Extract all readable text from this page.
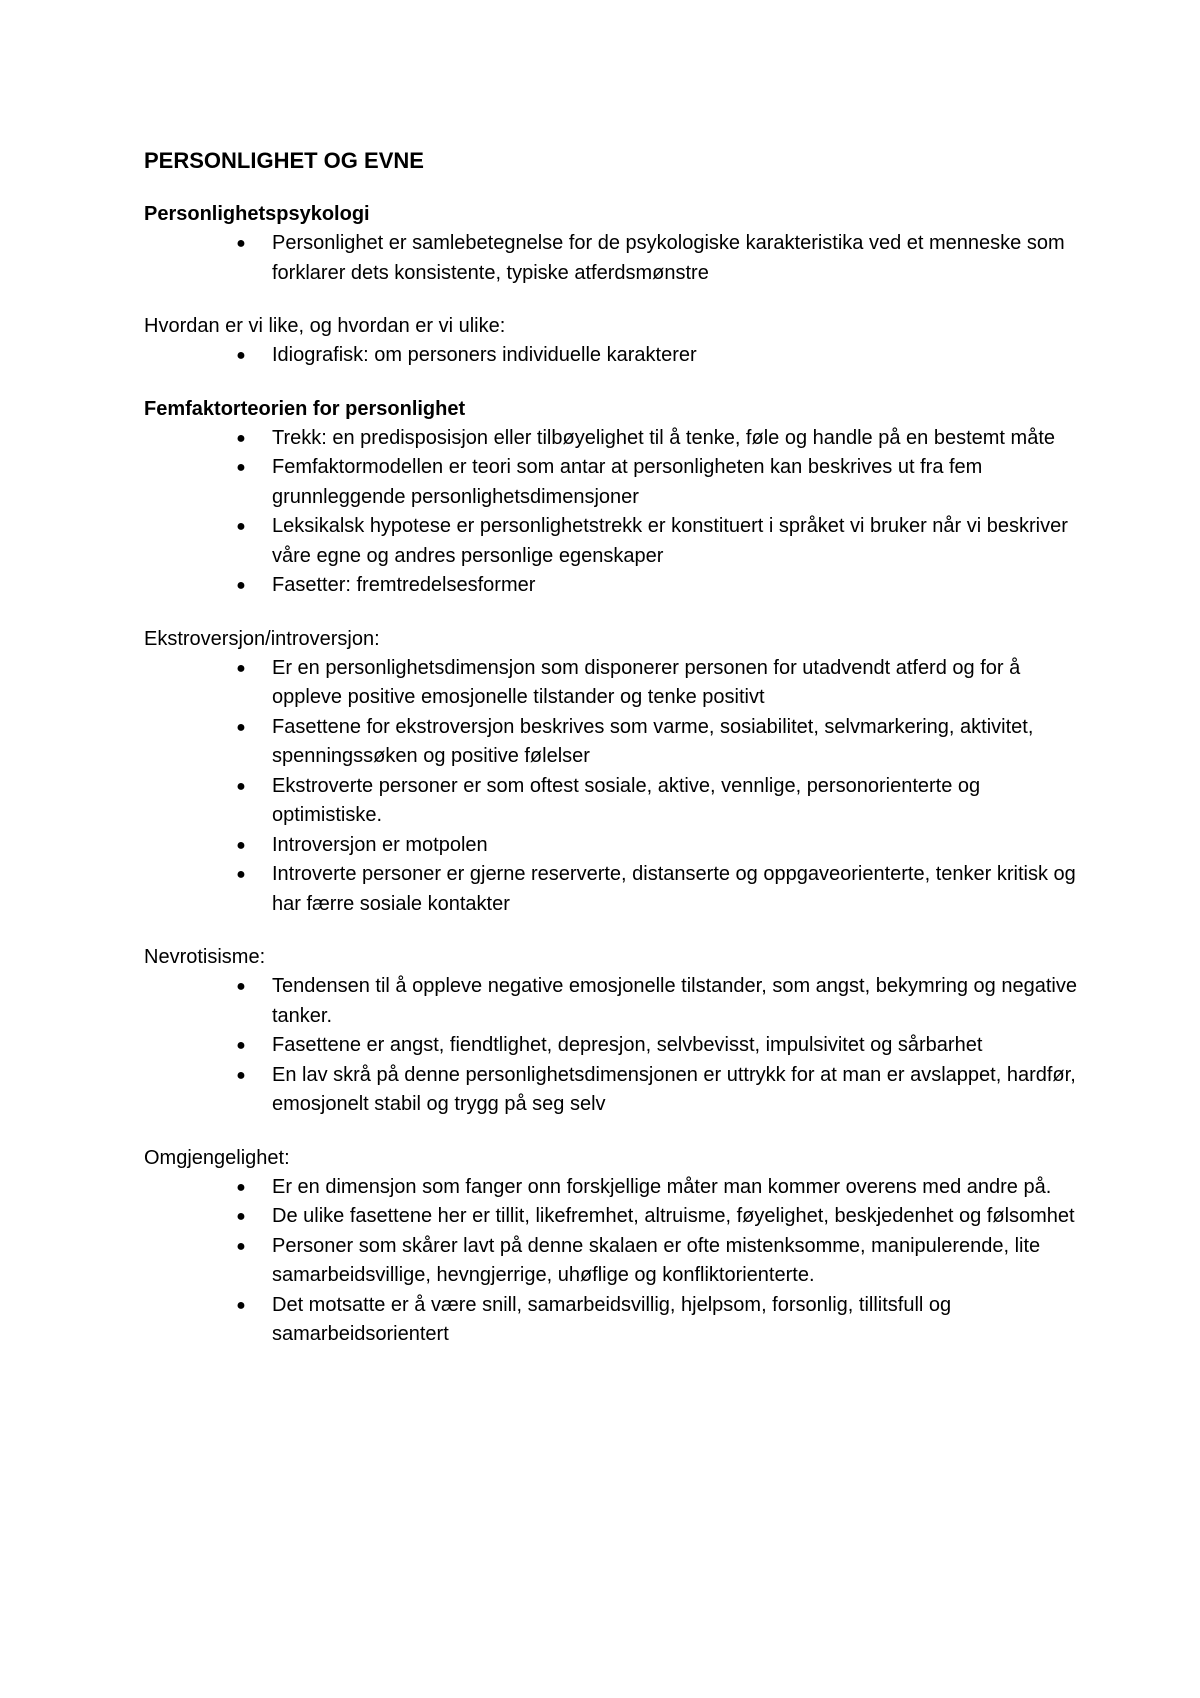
PERSONLIGHET OG EVNE

Personlighetspsykologi

● Personlighet er samlebetegnelse for de psykologiske karakteristika ved et menneske som forklarer dets konsistente, typiske atferdsmønstre

Hvordan er vi like, og hvordan er vi ulike:

● Idiografisk: om personers individuelle karakterer

Femfaktorteorien for personlighet

● Trekk: en predisposisjon eller tilbøyelighet til å tenke, føle og handle på en bestemt måte
● Femfaktormodellen er teori som antar at personligheten kan beskrives ut fra fem grunnleggende personlighetsdimensjoner
● Leksikalsk hypotese er personlighetstrekk er konstituert i språket vi bruker når vi beskriver våre egne og andres personlige egenskaper
● Fasetter: fremtredelsesformer

Ekstroversjon/introversjon:

● Er en personlighetsdimensjon som disponerer personen for utadvendt atferd og for å oppleve positive emosjonelle tilstander og tenke positivt
● Fasettene for ekstroversjon beskrives som varme, sosiabilitet, selvmarkering, aktivitet, spenningssøken og positive følelser
● Ekstroverte personer er som oftest sosiale, aktive, vennlige, personorienterte og optimistiske.
● Introversjon er motpolen
● Introverte personer er gjerne reserverte, distanserte og oppgaveorienterte, tenker kritisk og har færre sosiale kontakter

Nevrotisisme:

● Tendensen til å oppleve negative emosjonelle tilstander, som angst, bekymring og negative tanker.
● Fasettene er angst, fiendtlighet, depresjon, selvbevisst, impulsivitet og sårbarhet
● En lav skrå på denne personlighetsdimensjonen er uttrykk for at man er avslappet, hardfør, emosjonelt stabil og trygg på seg selv

Omgjengelighet:

● Er en dimensjon som fanger onn forskjellige måter man kommer overens med andre på.
● De ulike fasettene her er tillit, likefremhet, altruisme, føyelighet, beskjedenhet og følsomhet
● Personer som skårer lavt på denne skalaen er ofte mistenksomme, manipulerende, lite samarbeidsvillige, hevngjerrige, uhøflige og konfliktorienterte.
● Det motsatte er å være snill, samarbeidsvillig, hjelpsom, forsonlig, tillitsfull og samarbeidsorientert
